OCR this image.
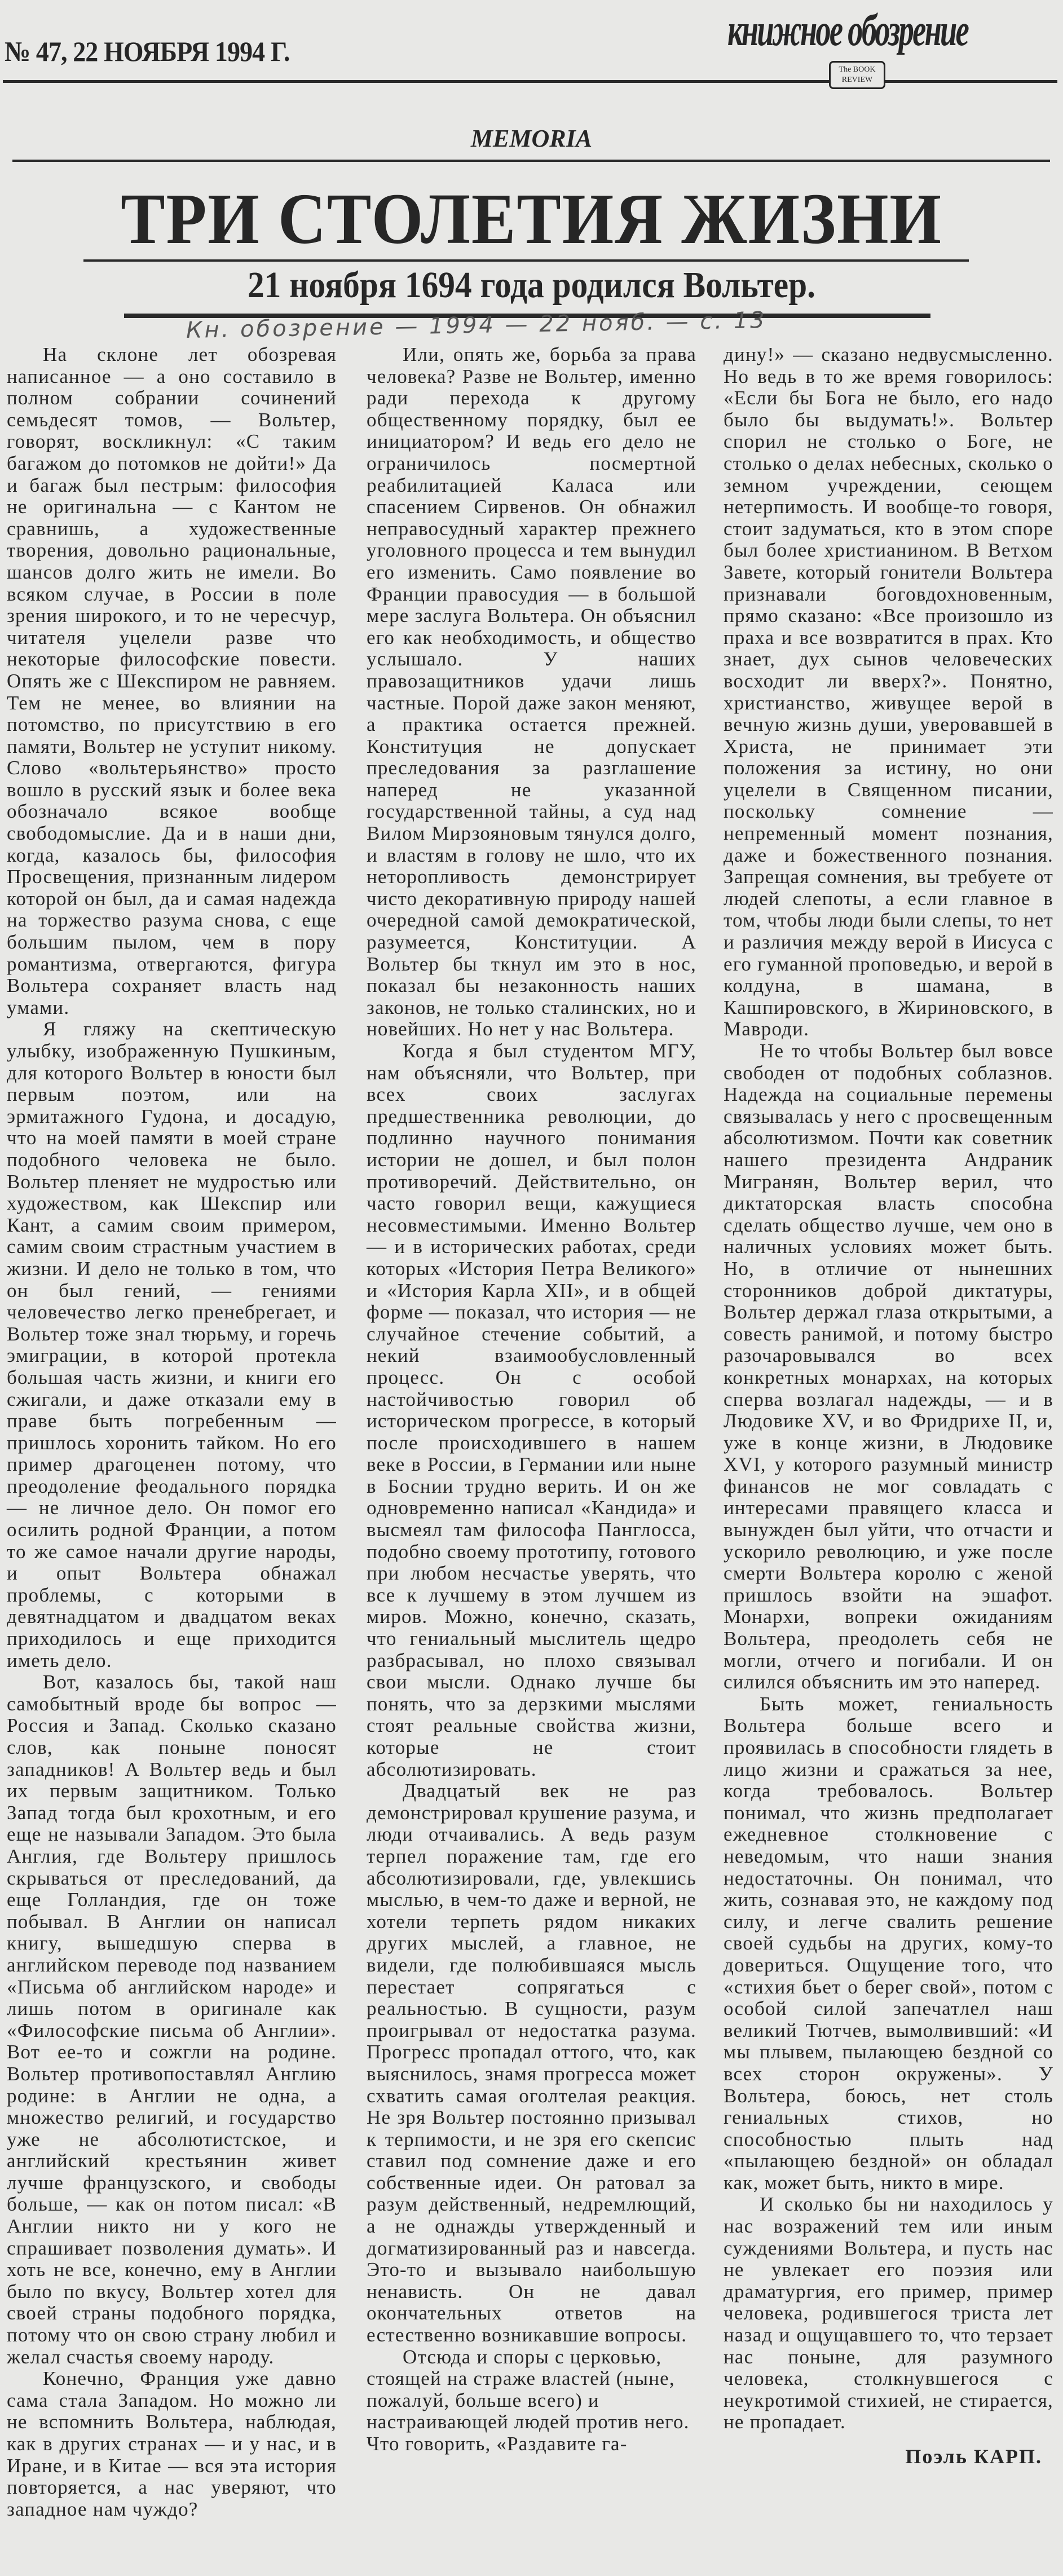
№ 47, 22 НОЯБРЯ 1994 Г.	книжное обозрение
The BOOK REVIEW
MEMORIA
ТРИ СТОЛЕТИЯ ЖИЗНИ
21 ноября 1694 года родился Вольтер.
Кн. обозрение — 1994 — 22 нояб. — с. 13

На склоне лет обозревая написанное — а оно составило в полном собрании сочинений семьдесят томов, — Вольтер, говорят, воскликнул: «С таким багажом до потомков не дойти!» Да и багаж был пестрым: философия не оригинальна — с Кантом не сравнишь, а художественные творения, довольно рациональные, шансов долго жить не имели. Во всяком случае, в России в поле зрения широкого, и то не чересчур, читателя уцелели разве что некоторые философские повести. Опять же с Шекспиром не равняем. Тем не менее, во влиянии на потомство, по присутствию в его памяти, Вольтер не уступит никому. Слово «вольтерьянство» просто вошло в русский язык и более века обозначало всякое вообще свободомыслие. Да и в наши дни, когда, казалось бы, философия Просвещения, признанным лидером которой он был, да и самая надежда на торжество разума снова, с еще большим пылом, чем в пору романтизма, отвергаются, фигура Вольтера сохраняет власть над умами.

Я гляжу на скептическую улыбку, изображенную Пушкиным, для которого Вольтер в юности был первым поэтом, или на эрмитажного Гудона, и досадую, что на моей памяти в моей стране подобного человека не было. Вольтер пленяет не мудростью или художеством, как Шекспир или Кант, а самим своим примером, самим своим страстным участием в жизни. И дело не только в том, что он был гений, — гениями человечество легко пренебрегает, и Вольтер тоже знал тюрьму, и горечь эмиграции, в которой протекла большая часть жизни, и книги его сжигали, и даже отказали ему в праве быть погребенным — пришлось хоронить тайком. Но его пример драгоценен потому, что преодоление феодального порядка — не личное дело. Он помог его осилить родной Франции, а потом то же самое начали другие народы, и опыт Вольтера обнажал проблемы, с которыми в девятнадцатом и двадцатом веках приходилось и еще приходится иметь дело.

Вот, казалось бы, такой наш самобытный вроде бы вопрос — Россия и Запад. Сколько сказано слов, как поныне поносят западников! А Вольтер ведь и был их первым защитником. Только Запад тогда был крохотным, и его еще не называли Западом. Это была Англия, где Вольтеру пришлось скрываться от преследований, да еще Голландия, где он тоже побывал. В Англии он написал книгу, вышедшую сперва в английском переводе под названием «Письма об английском народе» и лишь потом в оригинале как «Философские письма об Англии». Вот ее-то и сожгли на родине. Вольтер противопоставлял Англию родине: в Англии не одна, а множество религий, и государство уже не абсолютистское, и английский крестьянин живет лучше французского, и свободы больше, — как он потом писал: «В Англии никто ни у кого не спрашивает позволения думать». И хоть не все, конечно, ему в Англии было по вкусу, Вольтер хотел для своей страны подобного порядка, потому что он свою страну любил и желал счастья своему народу.

Конечно, Франция уже давно сама стала Западом. Но можно ли не вспомнить Вольтера, наблюдая, как в других странах — и у нас, и в Иране, и в Китае — вся эта история повторяется, а нас уверяют, что западное нам чуждо?

Или, опять же, борьба за права человека? Разве не Вольтер, именно ради перехода к другому общественному порядку, был ее инициатором? И ведь его дело не ограничилось посмертной реабилитацией Каласа или спасением Сирвенов. Он обнажил неправосудный характер прежнего уголовного процесса и тем вынудил его изменить. Само появление во Франции правосудия — в большой мере заслуга Вольтера. Он объяснил его как необходимость, и общество услышало. У наших правозащитников удачи лишь частные. Порой даже закон меняют, а практика остается прежней. Конституция не допускает преследования за разглашение наперед не указанной государственной тайны, а суд над Вилом Мирзояновым тянулся долго, и властям в голову не шло, что их неторопливость демонстрирует чисто декоративную природу нашей очередной самой демократической, разумеется, Конституции. А Вольтер бы ткнул им это в нос, показал бы незаконность наших законов, не только сталинских, но и новейших. Но нет у нас Вольтера.

Когда я был студентом МГУ, нам объясняли, что Вольтер, при всех своих заслугах предшественника революции, до подлинно научного понимания истории не дошел, и был полон противоречий. Действительно, он часто говорил вещи, кажущиеся несовместимыми. Именно Вольтер — и в исторических работах, среди которых «История Петра Великого» и «История Карла XII», и в общей форме — показал, что история — не случайное стечение событий, а некий взаимообусловленный процесс. Он с особой настойчивостью говорил об историческом прогрессе, в который после происходившего в нашем веке в России, в Германии или ныне в Боснии трудно верить. И он же одновременно написал «Кандида» и высмеял там философа Панглосса, подобно своему прототипу, готового при любом несчастье уверять, что все к лучшему в этом лучшем из миров. Можно, конечно, сказать, что гениальный мыслитель щедро разбрасывал, но плохо связывал свои мысли. Однако лучше бы понять, что за дерзкими мыслями стоят реальные свойства жизни, которые не стоит абсолютизировать.

Двадцатый век не раз демонстрировал крушение разума, и люди отчаивались. А ведь разум терпел поражение там, где его абсолютизировали, где, увлекшись мыслью, в чем-то даже и верной, не хотели терпеть рядом никаких других мыслей, а главное, не видели, где полюбившаяся мысль перестает сопрягаться с реальностью. В сущности, разум проигрывал от недостатка разума. Прогресс пропадал оттого, что, как выяснилось, знамя прогресса может схватить самая оголтелая реакция. Не зря Вольтер постоянно призывал к терпимости, и не зря его скепсис ставил под сомнение даже и его собственные идеи. Он ратовал за разум действенный, недремлющий, а не однажды утвержденный и догматизированный раз и навсегда. Это-то и вызывало наибольшую ненависть. Он не давал окончательных ответов на естественно возникавшие вопросы.

Отсюда и споры с церковью, стоящей на страже властей (ныне, пожалуй, больше всего) и настраивающей людей против него. Что говорить, «Раздавите га-

дину!» — сказано недвусмысленно. Но ведь в то же время говорилось: «Если бы Бога не было, его надо было бы выдумать!». Вольтер спорил не столько о Боге, не столько о делах небесных, сколько о земном учреждении, сеющем нетерпимость. И вообще-то говоря, стоит задуматься, кто в этом споре был более христианином. В Ветхом Завете, который гонители Вольтера признавали боговдохновенным, прямо сказано: «Все произошло из праха и все возвратится в прах. Кто знает, дух сынов человеческих восходит ли вверх?». Понятно, христианство, живущее верой в вечную жизнь души, уверовавшей в Христа, не принимает эти положения за истину, но они уцелели в Священном писании, поскольку сомнение — непременный момент познания, даже и божественного познания. Запрещая сомнения, вы требуете от людей слепоты, а если главное в том, чтобы люди были слепы, то нет и различия между верой в Иисуса с его гуманной проповедью, и верой в колдуна, в шамана, в Кашпировского, в Жириновского, в Мавроди.

Не то чтобы Вольтер был вовсе свободен от подобных соблазнов. Надежда на социальные перемены связывалась у него с просвещенным абсолютизмом. Почти как советник нашего президента Андраник Мигранян, Вольтер верил, что диктаторская власть способна сделать общество лучше, чем оно в наличных условиях может быть. Но, в отличие от нынешних сторонников доброй диктатуры, Вольтер держал глаза открытыми, а совесть ранимой, и потому быстро разочаровывался во всех конкретных монархах, на которых сперва возлагал надежды, — и в Людовике XV, и во Фридрихе II, и, уже в конце жизни, в Людовике XVI, у которого разумный министр финансов не мог совладать с интересами правящего класса и вынужден был уйти, что отчасти и ускорило революцию, и уже после смерти Вольтера королю с женой пришлось взойти на эшафот. Монархи, вопреки ожиданиям Вольтера, преодолеть себя не могли, отчего и погибали. И он силился объяснить им это наперед.

Быть может, гениальность Вольтера больше всего и проявилась в способности глядеть в лицо жизни и сражаться за нее, когда требовалось. Вольтер понимал, что жизнь предполагает ежедневное столкновение с неведомым, что наши знания недостаточны. Он понимал, что жить, сознавая это, не каждому под силу, и легче свалить решение своей судьбы на других, кому-то довериться. Ощущение того, что «стихия бьет о берег свой», потом с особой силой запечатлел наш великий Тютчев, вымолвивший: «И мы плывем, пылающею бездной со всех сторон окружены». У Вольтера, боюсь, нет столь гениальных стихов, но способностью плыть над «пылающею бездной» он обладал как, может быть, никто в мире.

И сколько бы ни находилось у нас возражений тем или иным суждениями Вольтера, и пусть нас не увлекает его поэзия или драматургия, его пример, пример человека, родившегося триста лет назад и ощущавшего то, что терзает нас поныне, для разумного человека, столкнувшегося с неукротимой стихией, не стирается, не пропадает.

Поэль КАРП.
